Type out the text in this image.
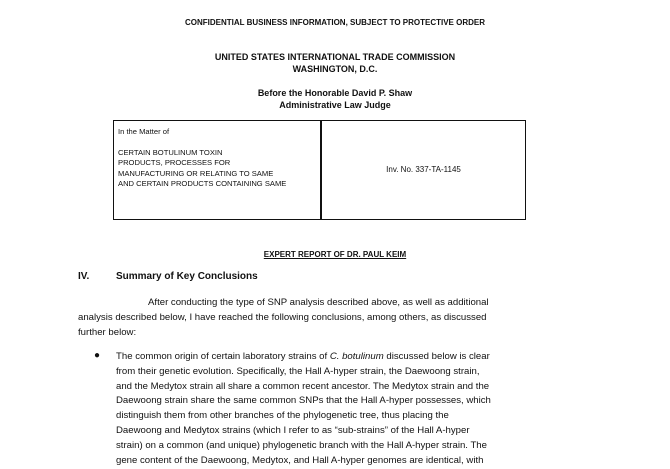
CONFIDENTIAL BUSINESS INFORMATION, SUBJECT TO PROTECTIVE ORDER
UNITED STATES INTERNATIONAL TRADE COMMISSION
WASHINGTON, D.C.
Before the Honorable David P. Shaw
Administrative Law Judge
In the Matter of
CERTAIN BOTULINUM TOXIN
PRODUCTS, PROCESSES FOR
MANUFACTURING OR RELATING TO SAME
AND CERTAIN PRODUCTS CONTAINING SAME
Inv. No. 337-TA-1145
EXPERT REPORT OF DR. PAUL KEIM
IV.	Summary of Key Conclusions
After conducting the type of SNP analysis described above, as well as additional
analysis described below, I have reached the following conclusions, among others, as discussed
further below:
● The common origin of certain laboratory strains of C. botulinum discussed below is clear
from their genetic evolution. Specifically, the Hall A-hyper strain, the Daewoong strain,
and the Medytox strain all share a common recent ancestor. The Medytox strain and the
Daewoong strain share the same common SNPs that the Hall A-hyper possesses, which
distinguish them from other branches of the phylogenetic tree, thus placing the
Daewoong and Medytox strains (which I refer to as “sub-strains” of the Hall A-hyper
strain) on a common (and unique) phylogenetic branch with the Hall A-hyper strain. The
gene content of the Daewoong, Medytox, and Hall A-hyper genomes are identical, with
